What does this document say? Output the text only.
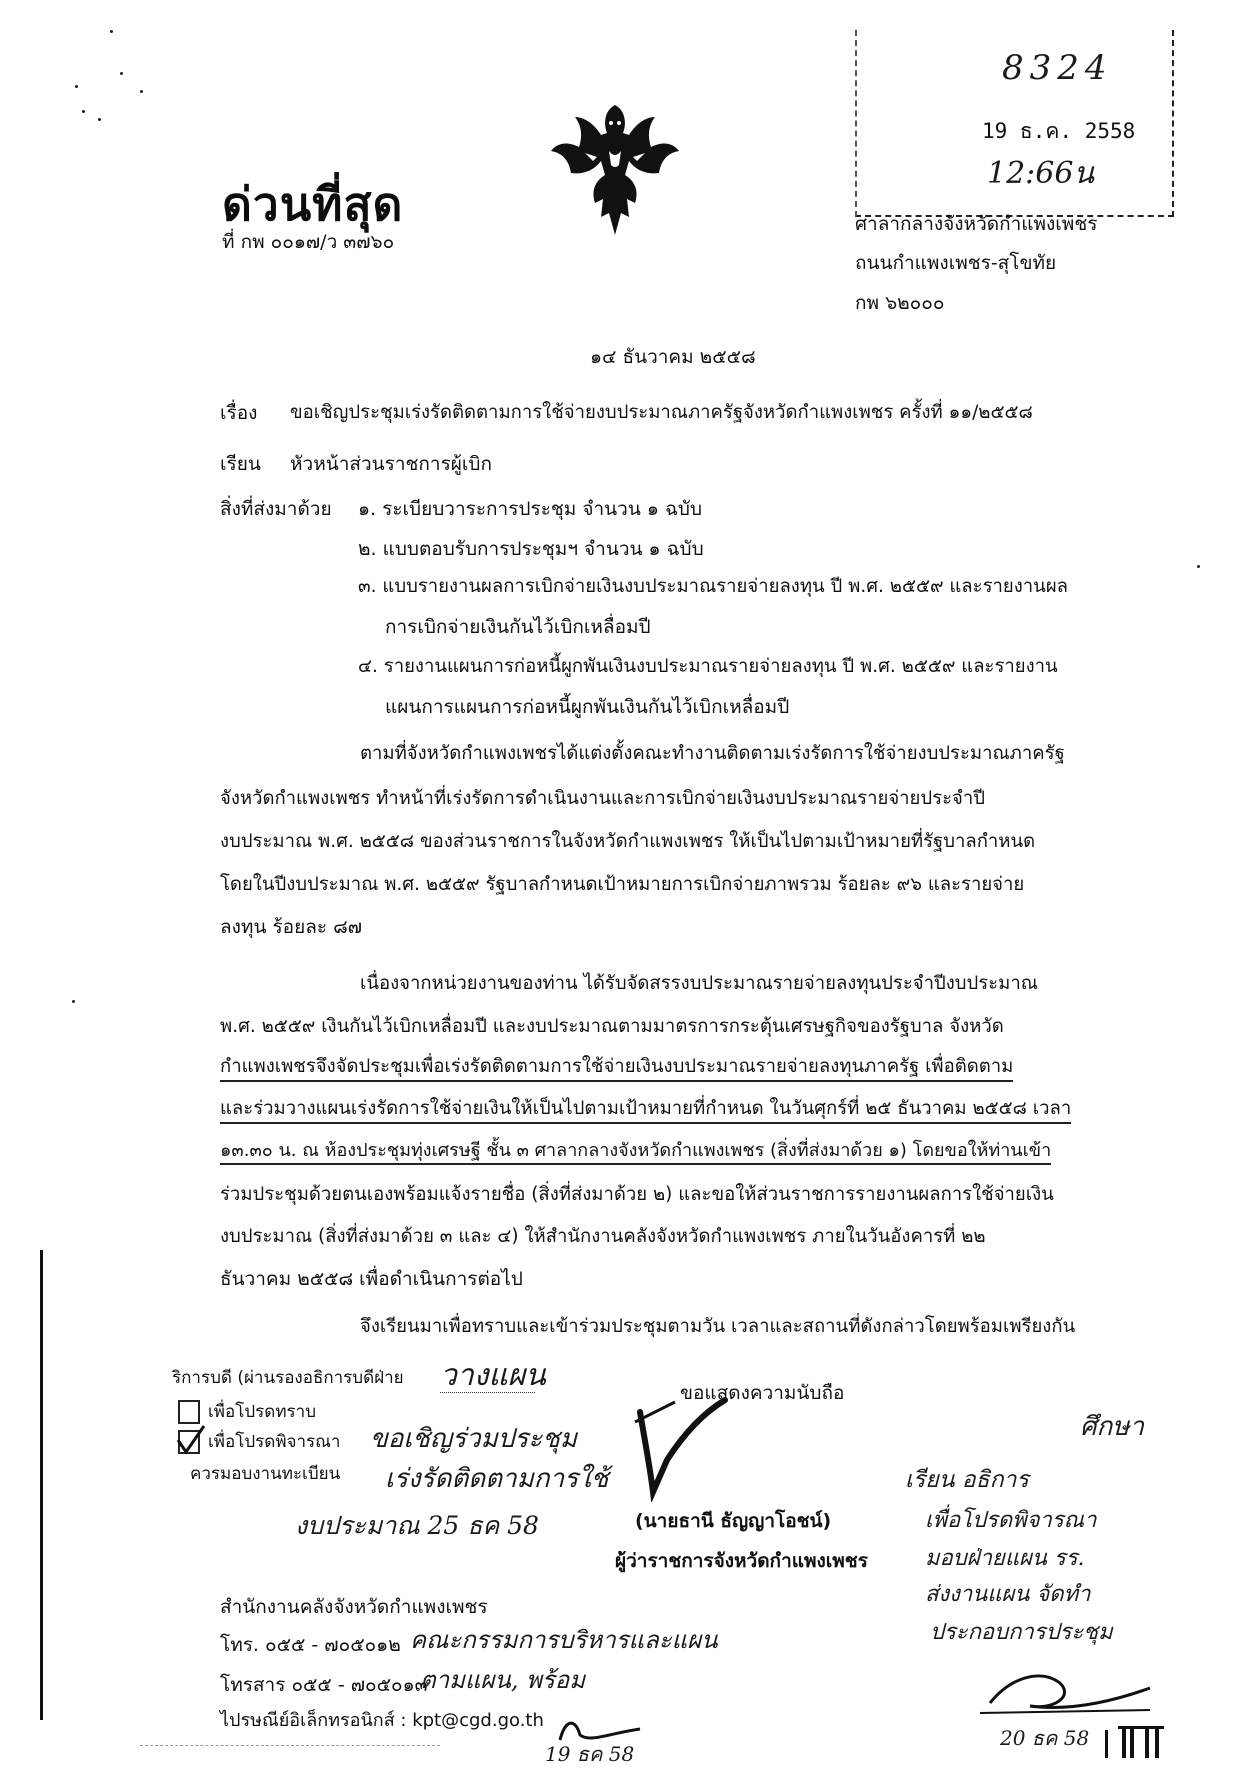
8324
19 ธ.ค. 2558
12:66น
ด่วนที่สุด
ที่ กพ ๐๐๑๗/ว ๓๗๖๐
ศาลากลางจังหวัดกำแพงเพชร
ถนนกำแพงเพชร-สุโขทัย
กพ ๖๒๐๐๐
๑๔ ธันวาคม ๒๕๕๘
เรื่อง ขอเชิญประชุมเร่งรัดติดตามการใช้จ่ายงบประมาณภาครัฐจังหวัดกำแพงเพชร ครั้งที่ ๑๑/๒๕๕๘
เรียน หัวหน้าส่วนราชการผู้เบิก
สิ่งที่ส่งมาด้วย ๑. ระเบียบวาระการประชุม จำนวน ๑ ฉบับ
๒. แบบตอบรับการประชุมฯ จำนวน ๑ ฉบับ
๓. แบบรายงานผลการเบิกจ่ายเงินงบประมาณรายจ่ายลงทุน ปี พ.ศ. ๒๕๕๙ และรายงานผล
การเบิกจ่ายเงินกันไว้เบิกเหลื่อมปี
๔. รายงานแผนการก่อหนี้ผูกพันเงินงบประมาณรายจ่ายลงทุน ปี พ.ศ. ๒๕๕๙ และรายงาน
แผนการแผนการก่อหนี้ผูกพันเงินกันไว้เบิกเหลื่อมปี
ตามที่จังหวัดกำแพงเพชรได้แต่งตั้งคณะทำงานติดตามเร่งรัดการใช้จ่ายงบประมาณภาครัฐ
จังหวัดกำแพงเพชร ทำหน้าที่เร่งรัดการดำเนินงานและการเบิกจ่ายเงินงบประมาณรายจ่ายประจำปี
งบประมาณ พ.ศ. ๒๕๕๘ ของส่วนราชการในจังหวัดกำแพงเพชร ให้เป็นไปตามเป้าหมายที่รัฐบาลกำหนด
โดยในปีงบประมาณ พ.ศ. ๒๕๕๙ รัฐบาลกำหนดเป้าหมายการเบิกจ่ายภาพรวม ร้อยละ ๙๖ และรายจ่าย
ลงทุน ร้อยละ ๘๗
เนื่องจากหน่วยงานของท่าน ได้รับจัดสรรงบประมาณรายจ่ายลงทุนประจำปีงบประมาณ
พ.ศ. ๒๕๕๙ เงินกันไว้เบิกเหลื่อมปี และงบประมาณตามมาตรการกระตุ้นเศรษฐกิจของรัฐบาล จังหวัด
กำแพงเพชรจึงจัดประชุมเพื่อเร่งรัดติดตามการใช้จ่ายเงินงบประมาณรายจ่ายลงทุนภาครัฐ เพื่อติดตาม
และร่วมวางแผนเร่งรัดการใช้จ่ายเงินให้เป็นไปตามเป้าหมายที่กำหนด ในวันศุกร์ที่ ๒๕ ธันวาคม ๒๕๕๘ เวลา
๑๓.๓๐ น. ณ ห้องประชุมทุ่งเศรษฐี ชั้น ๓ ศาลากลางจังหวัดกำแพงเพชร (สิ่งที่ส่งมาด้วย ๑) โดยขอให้ท่านเข้า
ร่วมประชุมด้วยตนเองพร้อมแจ้งรายชื่อ (สิ่งที่ส่งมาด้วย ๒) และขอให้ส่วนราชการรายงานผลการใช้จ่ายเงิน
งบประมาณ (สิ่งที่ส่งมาด้วย ๓ และ ๔) ให้สำนักงานคลังจังหวัดกำแพงเพชร ภายในวันอังคารที่ ๒๒
ธันวาคม ๒๕๕๘ เพื่อดำเนินการต่อไป
จึงเรียนมาเพื่อทราบและเข้าร่วมประชุมตามวัน เวลาและสถานที่ดังกล่าวโดยพร้อมเพรียงกัน
ริการบดี (ผ่านรองอธิการบดีฝ่าย วางแผน
เพื่อโปรดทราบ
เพื่อโปรดพิจารณา
ควรมอบงานทะเบียน
ขอเชิญร่วมประชุม
เร่งรัดติดตามการใช้
งบประมาณ 25 ธค 58
ขอแสดงความนับถือ
(นายธานี ธัญญาโอชน์)
ผู้ว่าราชการจังหวัดกำแพงเพชร
สำนักงานคลังจังหวัดกำแพงเพชร
โทร. ๐๕๕ - ๗๐๕๐๑๒ คณะกรรมการบริหารและแผน
โทรสาร ๐๕๕ - ๗๐๕๐๑๓
ตามแผน, พร้อม
ไปรษณีย์อิเล็กทรอนิกส์ : kpt@cgd.go.th
19 ธค 58
ศึกษา
เรียน อธิการ
เพื่อโปรดพิจารณา
มอบฝ่ายแผน รร.
ส่งงานแผน จัดทำ
ประกอบการประชุม
20 ธค 58
